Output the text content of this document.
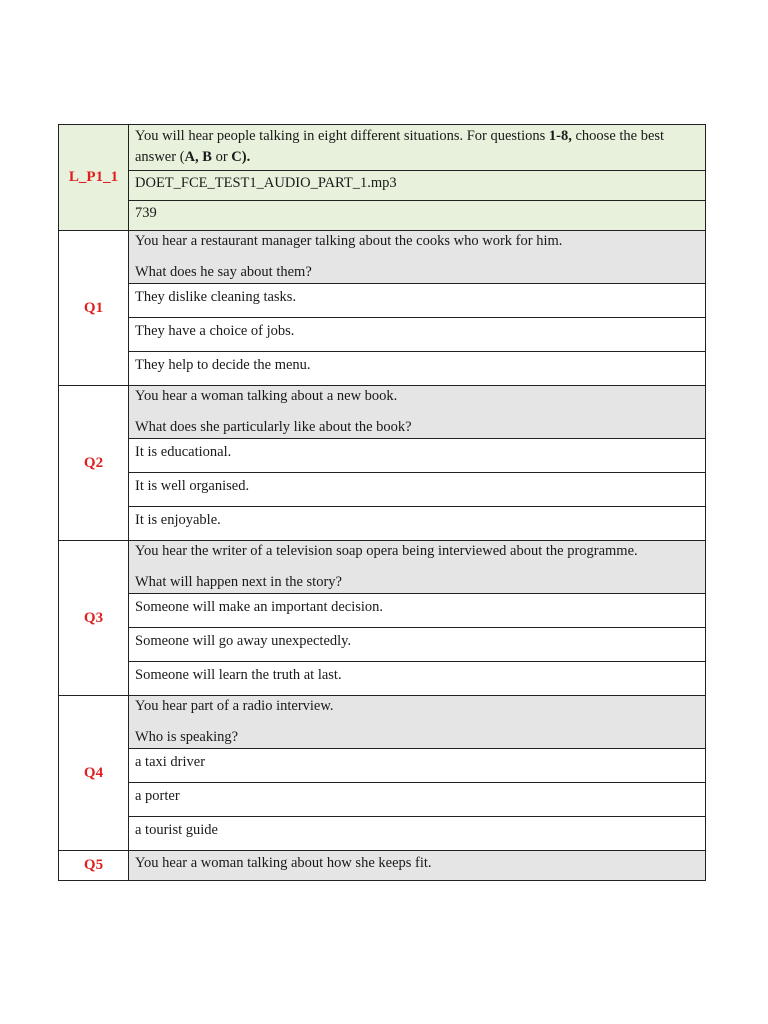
L_P1_1	You will hear people talking in eight different situations. For questions 1-8, choose the best answer (A, B or C).
	DOET_FCE_TEST1_AUDIO_PART_1.mp3
	739
Q1	You hear a restaurant manager talking about the cooks who work for him.

What does he say about them?

	They dislike cleaning tasks.
	They have a choice of jobs.
	They help to decide the menu.
Q2	You hear a woman talking about a new book.

What does she particularly like about the book?

	It is educational.
	It is well organised.
	It is enjoyable.
Q3	You hear the writer of a television soap opera being interviewed about the programme.

What will happen next in the story?

	Someone will make an important decision.
	Someone will go away unexpectedly.
	Someone will learn the truth at last.
Q4	You hear part of a radio interview.

Who is speaking?

	a taxi driver
	a porter
	a tourist guide
Q5	You hear a woman talking about how she keeps fit.
